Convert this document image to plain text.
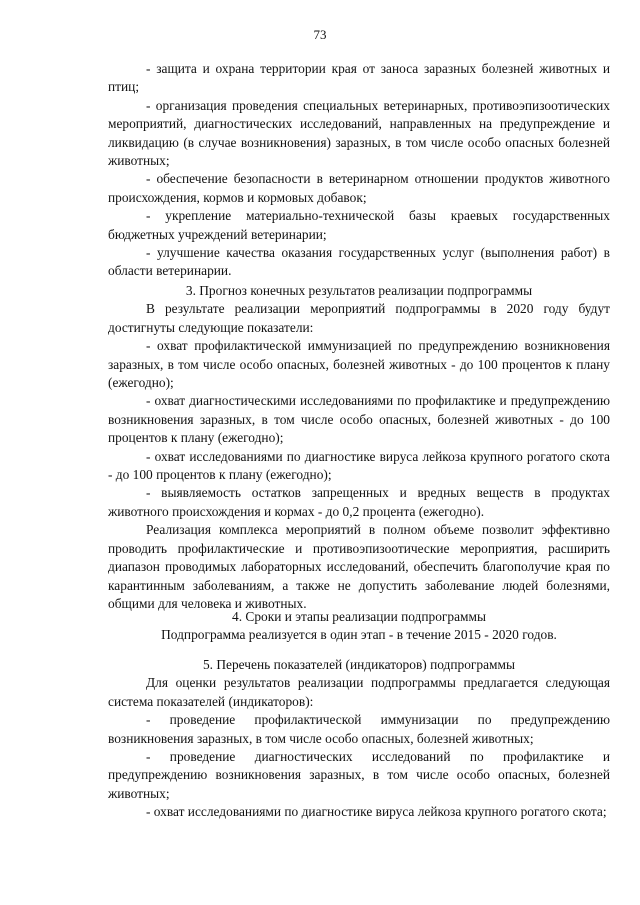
73

- защита и охрана территории края от заноса заразных болезней животных и птиц;

- организация проведения специальных ветеринарных, противоэпизоотических мероприятий, диагностических исследований, направленных на предупреждение и ликвидацию (в случае возникновения) заразных, в том числе особо опасных болезней животных;

- обеспечение безопасности в ветеринарном отношении продуктов животного происхождения, кормов и кормовых добавок;

- укрепление материально-технической базы краевых государственных бюджетных учреждений ветеринарии;

- улучшение качества оказания государственных услуг (выполнения работ) в области ветеринарии.

3. Прогноз конечных результатов реализации подпрограммы

В результате реализации мероприятий подпрограммы в 2020 году будут достигнуты следующие показатели:

- охват профилактической иммунизацией по предупреждению возникновения заразных, в том числе особо опасных, болезней животных - до 100 процентов к плану (ежегодно);

- охват диагностическими исследованиями по профилактике и предупреждению возникновения заразных, в том числе особо опасных, болезней животных - до 100 процентов к плану (ежегодно);

- охват исследованиями по диагностике вируса лейкоза крупного рогатого скота - до 100 процентов к плану (ежегодно);

- выявляемость остатков запрещенных и вредных веществ в продуктах животного происхождения и кормах - до 0,2 процента (ежегодно).

Реализация комплекса мероприятий в полном объеме позволит эффективно проводить профилактические и противоэпизоотические мероприятия, расширить диапазон проводимых лабораторных исследований, обеспечить благополучие края по карантинным заболеваниям, а также не допустить заболевание людей болезнями, общими для человека и животных.

4. Сроки и этапы реализации подпрограммы

Подпрограмма реализуется в один этап - в течение 2015 - 2020 годов.

5. Перечень показателей (индикаторов) подпрограммы

Для оценки результатов реализации подпрограммы предлагается следующая система показателей (индикаторов):

- проведение профилактической иммунизации по предупреждению возникновения заразных, в том числе особо опасных, болезней животных;

- проведение диагностических исследований по профилактике и предупреждению возникновения заразных, в том числе особо опасных, болезней животных;

- охват исследованиями по диагностике вируса лейкоза крупного рогатого скота;
